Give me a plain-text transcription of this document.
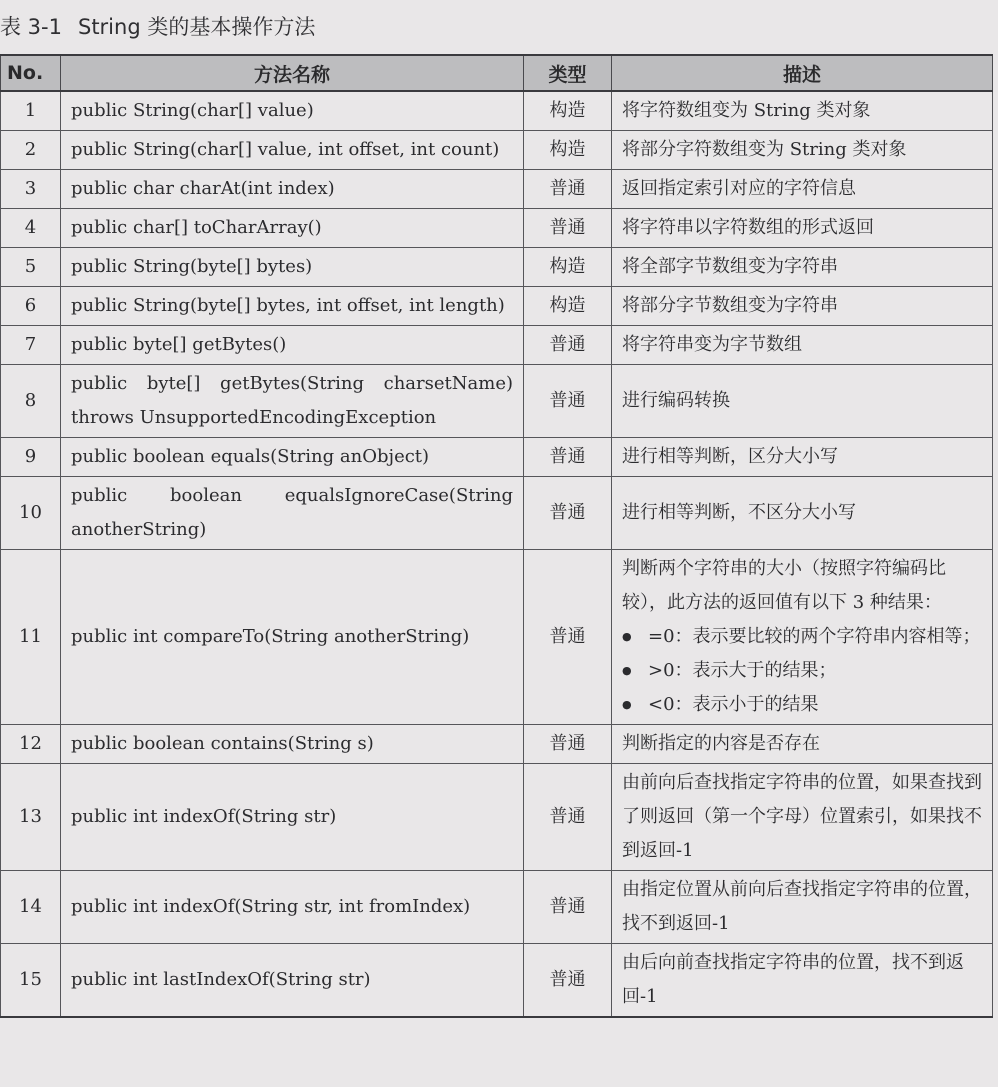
表 3-1 String 类的基本操作方法
No.	方法名称	类型	描述
1	public String(char[] value)	构造	将字符数组变为 String 类对象

2	public String(char[] value, int offset, int count)	构造	将部分字符数组变为 String 类对象

3	public char charAt(int index)	普通	返回指定索引对应的字符信息

4	public char[] toCharArray()	普通	将字符串以字符数组的形式返回

5	public String(byte[] bytes)	构造	将全部字节数组变为字符串

6	public String(byte[] bytes, int offset, int length)	构造	将部分字节数组变为字符串

7	public byte[] getBytes()	普通	将字符串变为字节数组

8	public byte[] getBytes(String charsetName) throws UnsupportedEncodingException	普通	进行编码转换

9	public boolean equals(String anObject)	普通	进行相等判断，区分大小写

10	public boolean equalsIgnoreCase(String anotherString)	普通	进行相等判断，不区分大小写

11	public int compareTo(String anotherString)	普通	判断两个字符串的大小（按照字符编码比较），此方法的返回值有以下 3 种结果：
●=0：表示要比较的两个字符串内容相等；
●>0：表示大于的结果；
●<0：表示小于的结果

12	public boolean contains(String s)	普通	判断指定的内容是否存在

13	public int indexOf(String str)	普通	由前向后查找指定字符串的位置，如果查找到了则返回（第一个字母）位置索引，如果找不到返回-1

14	public int indexOf(String str, int fromIndex)	普通	由指定位置从前向后查找指定字符串的位置，找不到返回-1

15	public int lastIndexOf(String str)	普通	由后向前查找指定字符串的位置，找不到返回-1
